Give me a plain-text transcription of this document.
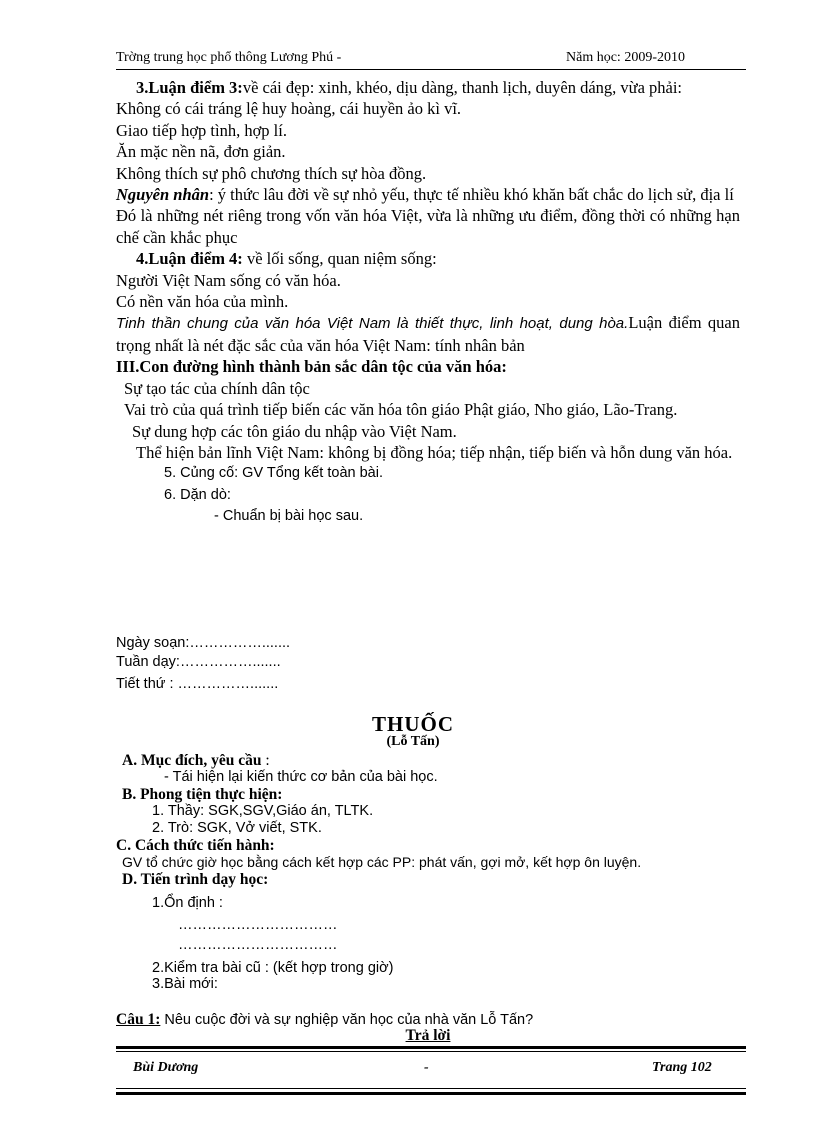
Trờng trung học phổ thông Lương Phú -	Năm học: 2009-2010

3.Luận điểm 3:về cái đẹp: xinh, khéo, dịu dàng, thanh lịch, duyên dáng, vừa phải:

Không có cái tráng lệ huy hoàng, cái huyền ảo kì vĩ.

Giao tiếp hợp tình, hợp lí.

Ăn mặc nền nã, đơn giản.

Không thích sự phô chương thích sự hòa đồng.

Nguyên nhân: ý thức lâu đời về sự nhỏ yếu, thực tế nhiều khó khăn bất chắc do lịch sử, địa lí

Đó là những nét riêng trong vốn văn hóa Việt, vừa là những ưu điểm, đồng thời có những hạn chế cần khắc phục

4.Luận điểm 4: về lối sống, quan niệm sống:

Người Việt Nam sống có văn hóa.

Có nền văn hóa của mình.

Tinh thần chung của văn hóa Việt Nam là thiết thực, linh hoạt, dung hòa.Luận điểm quan trọng nhất là nét đặc sắc của văn hóa Việt Nam: tính nhân bản

III.Con đường hình thành bản sắc dân tộc của văn hóa:

Sự tạo tác của chính dân tộc

Vai trò của quá trình tiếp biến các văn hóa tôn giáo Phật giáo, Nho giáo, Lão-Trang.

Sự dung hợp các tôn giáo du nhập vào Việt Nam.

Thể hiện bản lĩnh Việt Nam: không bị đồng hóa; tiếp nhận, tiếp biến và hỗn dung văn hóa.

5. Củng cố: GV Tổng kết toàn bài.

6. Dặn dò:

- Chuẩn bị bài học sau.

Ngày soạn:…………….......
Tuần dạy:…………….......
Tiết thứ : …………….......
THUỐC
(Lỗ Tấn)

A. Mục đích, yêu cầu :

- Tái hiện lại kiến thức cơ bản của bài học.

B. Phong tiện thực hiện:

1. Thầy: SGK,SGV,Giáo án, TLTK.

2. Trò: SGK, Vở viết, STK.

C. Cách thức tiến hành:

GV tổ chức giờ học bằng cách kết hợp các PP: phát vấn, gợi mở, kết hợp ôn luyện.

D. Tiến trình dạy học:

1.Ổn định :
……………………………
……………………………
2.Kiểm tra bài cũ : (kết hợp trong giờ)
3.Bài mới:
Câu 1: Nêu cuộc đời và sự nghiệp văn học của nhà văn Lỗ Tấn?
Trả lời
Bùi Dương	-	Trang 102
